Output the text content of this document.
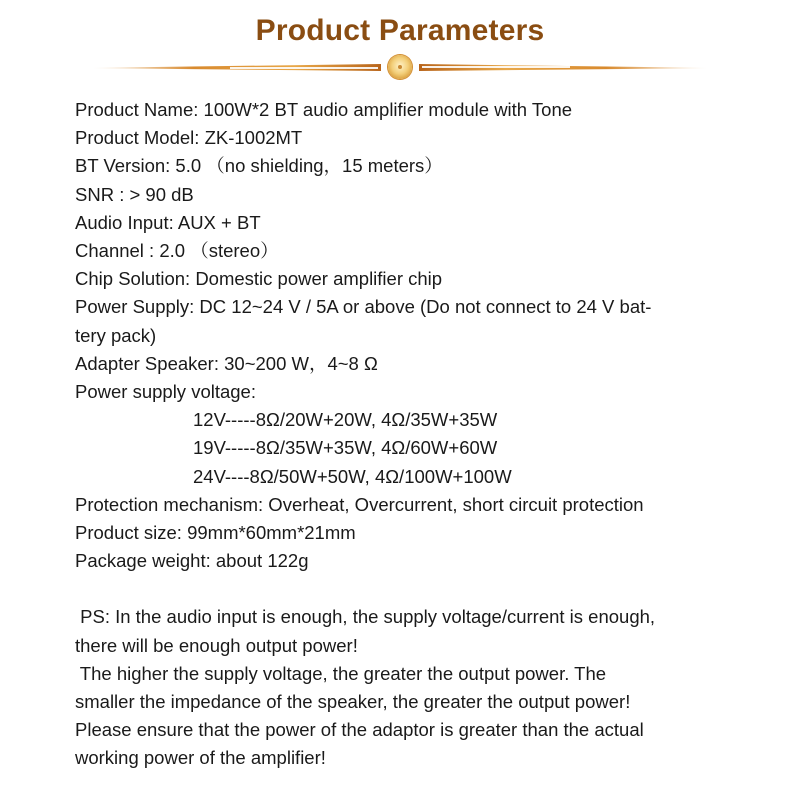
Product Parameters
Product Name: 100W*2 BT audio amplifier module with Tone
Product Model: ZK-1002MT
BT Version: 5.0 （no shielding，15 meters）
SNR : > 90 dB
Audio Input: AUX + BT
Channel : 2.0 （stereo）
Chip Solution: Domestic power amplifier chip
Power Supply: DC 12~24 V / 5A or above (Do not connect to 24 V bat-
tery pack)
Adapter Speaker: 30~200 W，4~8 Ω
Power supply voltage:
12V-----8Ω/20W+20W, 4Ω/35W+35W
19V-----8Ω/35W+35W, 4Ω/60W+60W
24V----8Ω/50W+50W, 4Ω/100W+100W
Protection mechanism: Overheat, Overcurrent, short circuit protection
Product size: 99mm*60mm*21mm
Package weight: about 122g
PS: In the audio input is enough, the supply voltage/current is enough,
there will be enough output power!
The higher the supply voltage, the greater the output power. The
smaller the impedance of the speaker, the greater the output power!
Please ensure that the power of the adaptor is greater than the actual
working power of the amplifier!
